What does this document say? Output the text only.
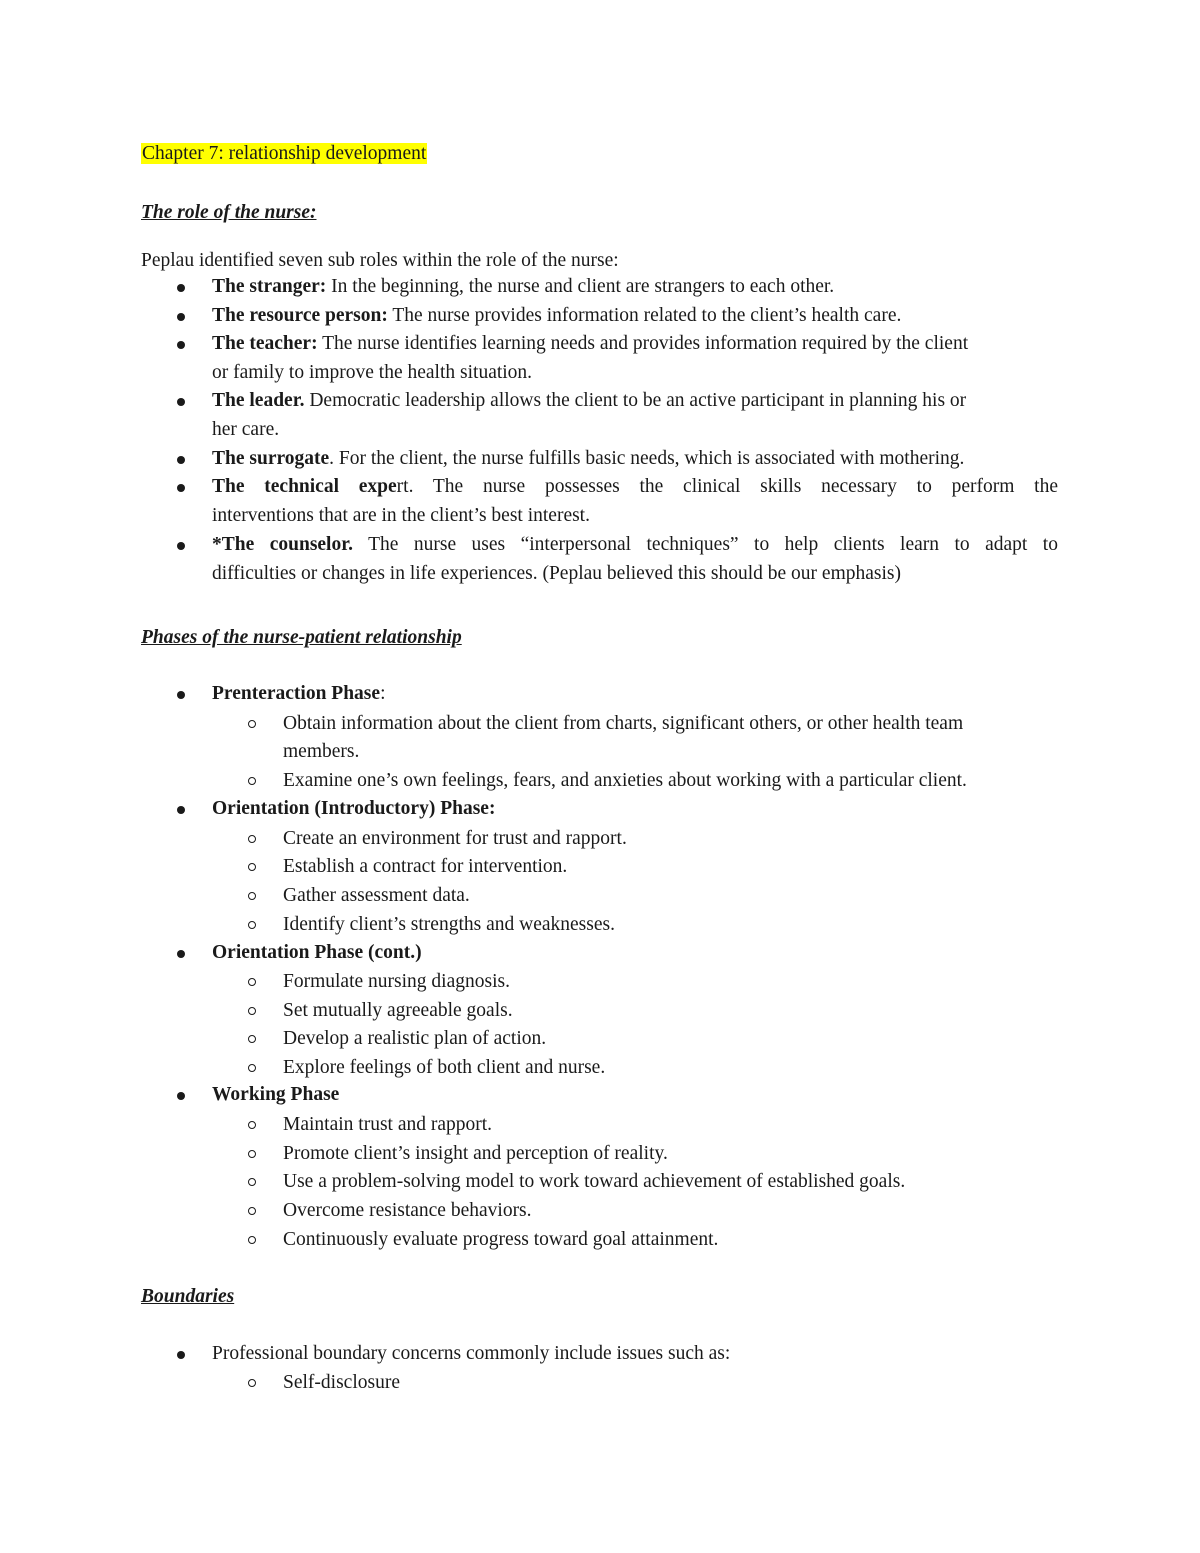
Chapter 7: relationship development
The role of the nurse:
Peplau identified seven sub roles within the role of the nurse:
The stranger: In the beginning, the nurse and client are strangers to each other.
The resource person: The nurse provides information related to the client’s health care.
The teacher: The nurse identifies learning needs and provides information required by the client
or family to improve the health situation.
The leader. Democratic leadership allows the client to be an active participant in planning his or
her care.
The surrogate. For the client, the nurse fulfills basic needs, which is associated with mothering.
The technical expert. The nurse possesses the clinical skills necessary to perform the
interventions that are in the client’s best interest.
*The counselor. The nurse uses “interpersonal techniques” to help clients learn to adapt to
difficulties or changes in life experiences. (Peplau believed this should be our emphasis)
Phases of the nurse-patient relationship
Prenteraction Phase:
Obtain information about the client from charts, significant others, or other health team
members.
Examine one’s own feelings, fears, and anxieties about working with a particular client.
Orientation (Introductory) Phase:
Create an environment for trust and rapport.
Establish a contract for intervention.
Gather assessment data.
Identify client’s strengths and weaknesses.
Orientation Phase (cont.)
Formulate nursing diagnosis.
Set mutually agreeable goals.
Develop a realistic plan of action.
Explore feelings of both client and nurse.
Working Phase
Maintain trust and rapport.
Promote client’s insight and perception of reality.
Use a problem-solving model to work toward achievement of established goals.
Overcome resistance behaviors.
Continuously evaluate progress toward goal attainment.
Boundaries
Professional boundary concerns commonly include issues such as:
Self-disclosure
